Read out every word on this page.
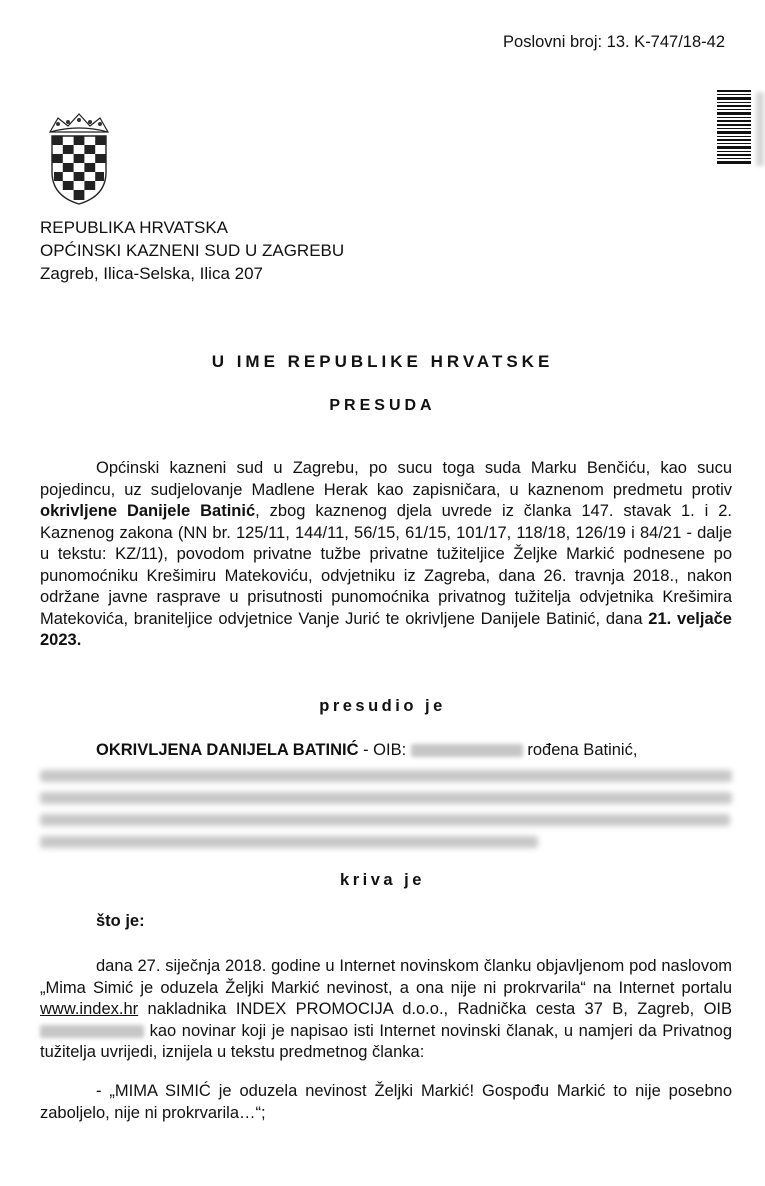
Poslovni broj: 13. K-747/18-42
REPUBLIKA HRVATSKA
OPĆINSKI KAZNENI SUD U ZAGREBU
Zagreb, Ilica-Selska, Ilica 207
U IME REPUBLIKE HRVATSKE
PRESUDA
Općinski kazneni sud u Zagrebu, po sucu toga suda Marku Benčiću, kao sucu pojedincu, uz sudjelovanje Madlene Herak kao zapisničara, u kaznenom predmetu protiv okrivljene Danijele Batinić, zbog kaznenog djela uvrede iz članka 147. stavak 1. i 2. Kaznenog zakona (NN br. 125/11, 144/11, 56/15, 61/15, 101/17, 118/18, 126/19 i 84/21 - dalje u tekstu: KZ/11), povodom privatne tužbe privatne tužiteljice Željke Markić podnesene po punomoćniku Krešimiru Matekoviću, odvjetniku iz Zagreba, dana 26. travnja 2018., nakon održane javne rasprave u prisutnosti punomoćnika privatnog tužitelja odvjetnika Krešimira Matekovića, braniteljice odvjetnice Vanje Jurić te okrivljene Danijele Batinić, dana 21. veljače 2023.
presudio je
OKRIVLJENA DANIJELA BATINIĆ - OIB:	rođena Batinić,
kriva je
što je:
dana 27. siječnja 2018. godine u Internet novinskom članku objavljenom pod naslovom „Mima Simić je oduzela Željki Markić nevinost, a ona nije ni prokrvarila“ na Internet portalu www.index.hr nakladnika INDEX PROMOCIJA d.o.o., Radnička cesta 37 B, Zagreb, OIB  kao novinar koji je napisao isti Internet novinski članak, u namjeri da Privatnog tužitelja uvrijedi, iznijela u tekstu predmetnog članka:
- „MIMA SIMIĆ je oduzela nevinost Željki Markić! Gospođu Markić to nije posebno zaboljelo, nije ni prokrvarila…“;
